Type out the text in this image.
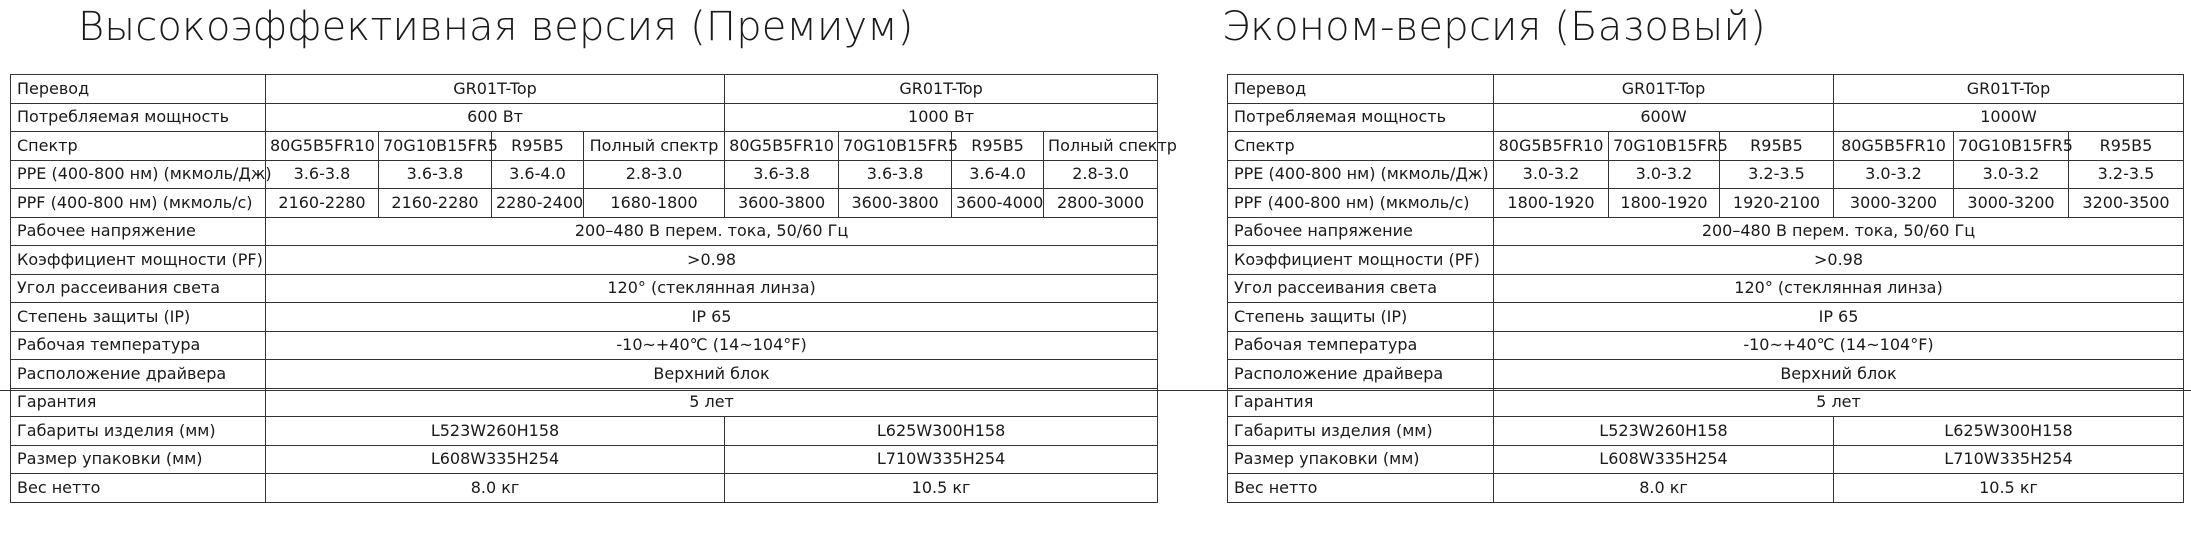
Высокоэффективная версия (Премиум)	Эконом-версия (Базовый)
Перевод	GR01T-Top				GR01T-Top			
Потребляемая мощность	600 Вт				1000 Вт			
Спектр	80G5B5FR10	70G10B15FR5	R95B5	Полный спектр	80G5B5FR10	70G10B15FR5	R95B5	Полный спектр
PPE (400-800 нм) (мкмоль/Дж)	3.6-3.8	3.6-3.8	3.6-4.0	2.8-3.0	3.6-3.8	3.6-3.8	3.6-4.0	2.8-3.0
PPF (400-800 нм) (мкмоль/с)	2160-2280	2160-2280	2280-2400	1680-1800	3600-3800	3600-3800	3600-4000	2800-3000
Рабочее напряжение	200–480 В перем. тока, 50/60 Гц							
Коэффициент мощности (PF)	>0.98							
Угол рассеивания света	120° (стеклянная линза)							
Степень защиты (IP)	IP 65							
Рабочая температура	-10~+40℃ (14~104°F)							
Расположение драйвера	Верхний блок							
Гарантия	5 лет							
Габариты изделия (мм)	L523W260H158				L625W300H158			
Размер упаковки (мм)	L608W335H254				L710W335H254			
Вес нетто	8.0 кг				10.5 кг			
Перевод	GR01T-Top			GR01T-Top		
Потребляемая мощность	600W			1000W		
Спектр	80G5B5FR10	70G10B15FR5	R95B5	80G5B5FR10	70G10B15FR5	R95B5
PPE (400-800 нм) (мкмоль/Дж)	3.0-3.2	3.0-3.2	3.2-3.5	3.0-3.2	3.0-3.2	3.2-3.5
PPF (400-800 нм) (мкмоль/с)	1800-1920	1800-1920	1920-2100	3000-3200	3000-3200	3200-3500
Рабочее напряжение	200–480 В перем. тока, 50/60 Гц					
Коэффициент мощности (PF)	>0.98					
Угол рассеивания света	120° (стеклянная линза)					
Степень защиты (IP)	IP 65					
Рабочая температура	-10~+40℃ (14~104°F)					
Расположение драйвера	Верхний блок					
Гарантия	5 лет					
Габариты изделия (мм)	L523W260H158			L625W300H158		
Размер упаковки (мм)	L608W335H254			L710W335H254		
Вес нетто	8.0 кг			10.5 кг		
